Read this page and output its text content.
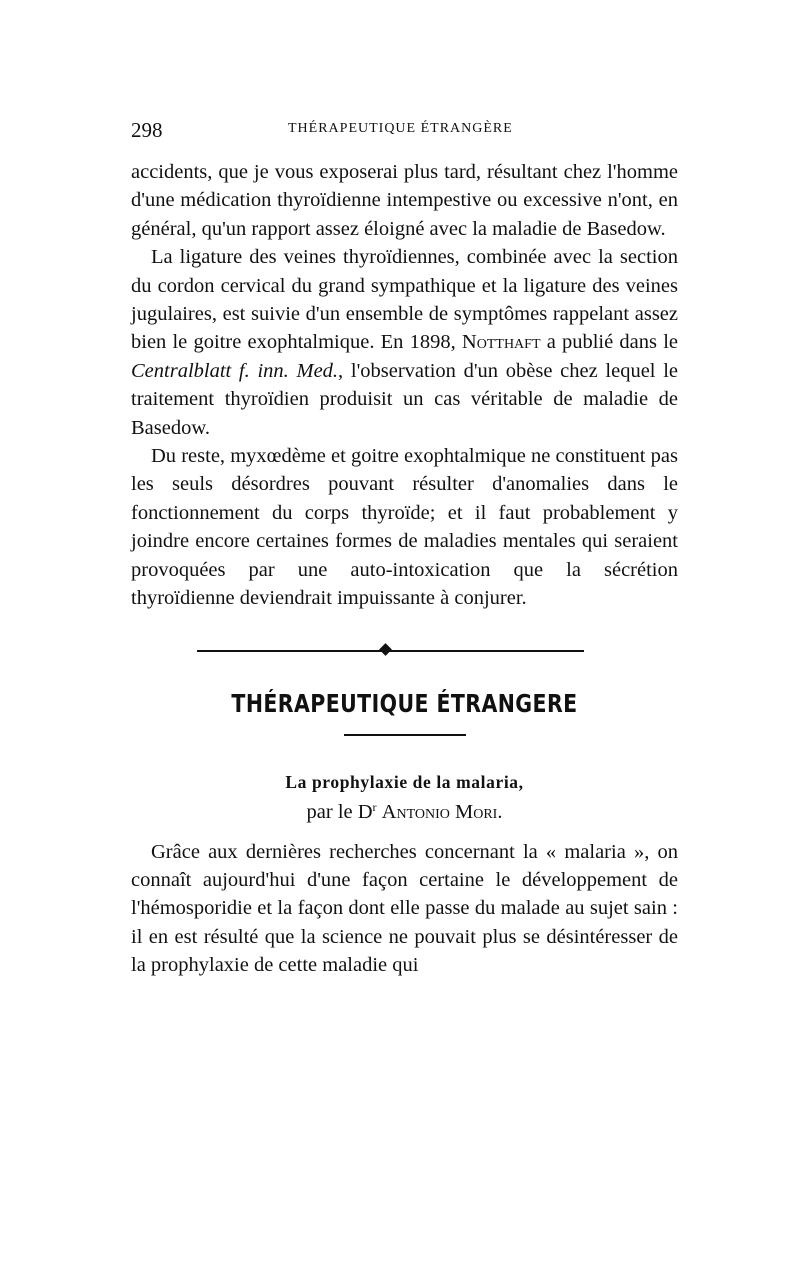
298	THÉRAPEUTIQUE ÉTRANGÈRE

accidents, que je vous exposerai plus tard, résultant chez l'homme d'une médication thyroïdienne intempestive ou excessive n'ont, en général, qu'un rapport assez éloigné avec la maladie de Basedow.

La ligature des veines thyroïdiennes, combinée avec la section du cordon cervical du grand sympathique et la ligature des veines jugulaires, est suivie d'un ensemble de symptômes rappelant assez bien le goitre exophtalmique. En 1898, Notthaft a publié dans le Centralblatt f. inn. Med., l'observation d'un obèse chez lequel le traitement thyroïdien produisit un cas véritable de maladie de Basedow.

Du reste, myxœdème et goitre exophtalmique ne constituent pas les seuls désordres pouvant résulter d'anomalies dans le fonctionnement du corps thyroïde; et il faut probablement y joindre encore certaines formes de maladies mentales qui seraient provoquées par une auto-intoxication que la sécrétion thyroïdienne deviendrait impuissante à conjurer.

THÉRAPEUTIQUE ÉTRANGERE
La prophylaxie de la malaria,
par le $D^r$ Antonio Mori.

Grâce aux dernières recherches concernant la « malaria », on connaît aujourd'hui d'une façon certaine le développement de l'hémosporidie et la façon dont elle passe du malade au sujet sain : il en est résulté que la science ne pouvait plus se désintéresser de la prophylaxie de cette maladie qui
